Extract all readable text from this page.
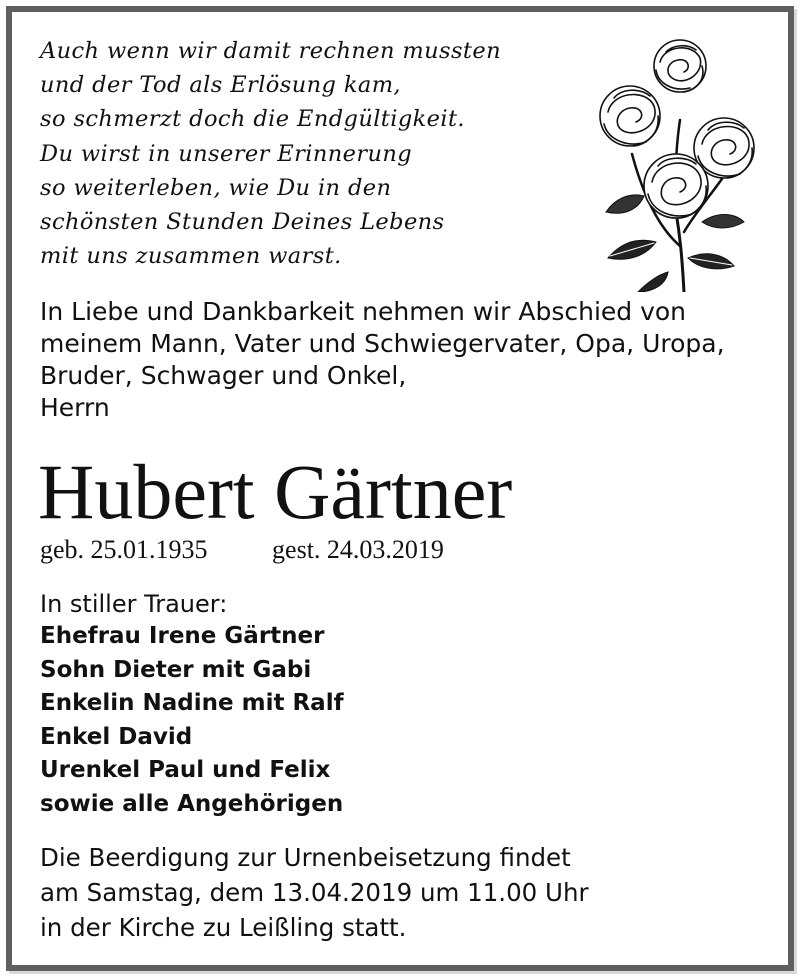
Auch wenn wir damit rechnen mussten
und der Tod als Erlösung kam,
so schmerzt doch die Endgültigkeit.
Du wirst in unserer Erinnerung
so weiterleben, wie Du in den
schönsten Stunden Deines Lebens
mit uns zusammen warst.
In Liebe und Dankbarkeit nehmen wir Abschied von
meinem Mann, Vater und Schwiegervater, Opa, Uropa,
Bruder, Schwager und Onkel,
Herrn
Hubert Gärtner
geb. 25.01.1935 gest. 24.03.2019
In stiller Trauer:
Ehefrau Irene Gärtner
Sohn Dieter mit Gabi
Enkelin Nadine mit Ralf
Enkel David
Urenkel Paul und Felix
sowie alle Angehörigen
Die Beerdigung zur Urnenbeisetzung findet
am Samstag, dem 13.04.2019 um 11.00 Uhr
in der Kirche zu Leißling statt.
